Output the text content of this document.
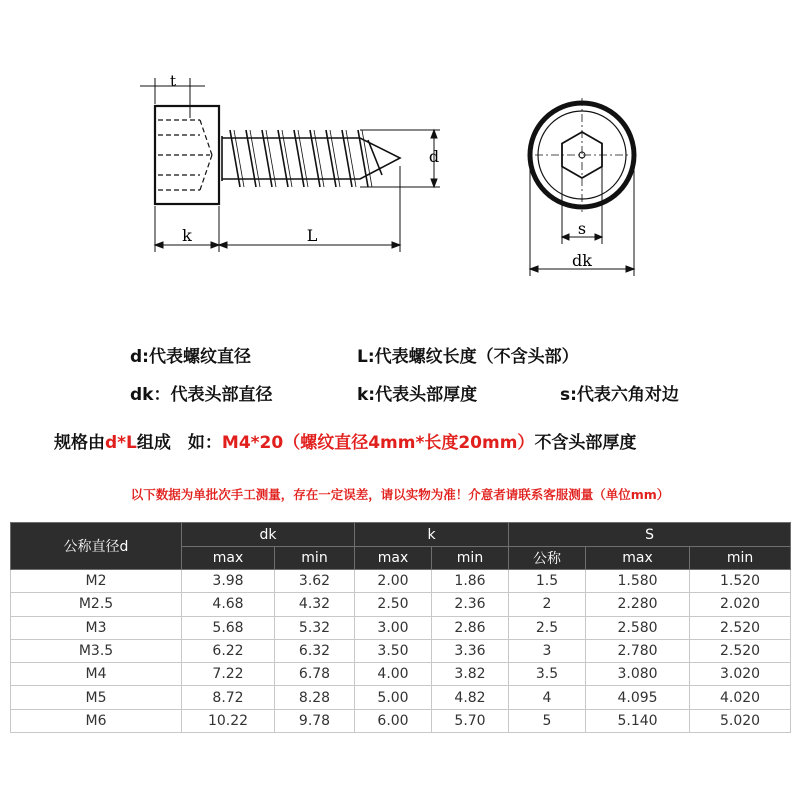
t
k	L
d
s
dk
d:代表螺纹直径	L:代表螺纹长度（不含头部）
dk：代表头部直径	k:代表头部厚度	s:代表六角对边
规格由d*L组成　如：M4*20（螺纹直径4mm*长度20mm）不含头部厚度
以下数据为单批次手工测量，存在一定误差，请以实物为准！介意者请联系客服测量（单位mm）
公称直径d	dk		k		S		
	max	min	max	min	公称	max	min
M2	3.98	3.62	2.00	1.86	1.5	1.580	1.520
M2.5	4.68	4.32	2.50	2.36	2	2.280	2.020
M3	5.68	5.32	3.00	2.86	2.5	2.580	2.520
M3.5	6.22	6.32	3.50	3.36	3	2.780	2.520
M4	7.22	6.78	4.00	3.82	3.5	3.080	3.020
M5	8.72	8.28	5.00	4.82	4	4.095	4.020
M6	10.22	9.78	6.00	5.70	5	5.140	5.020
